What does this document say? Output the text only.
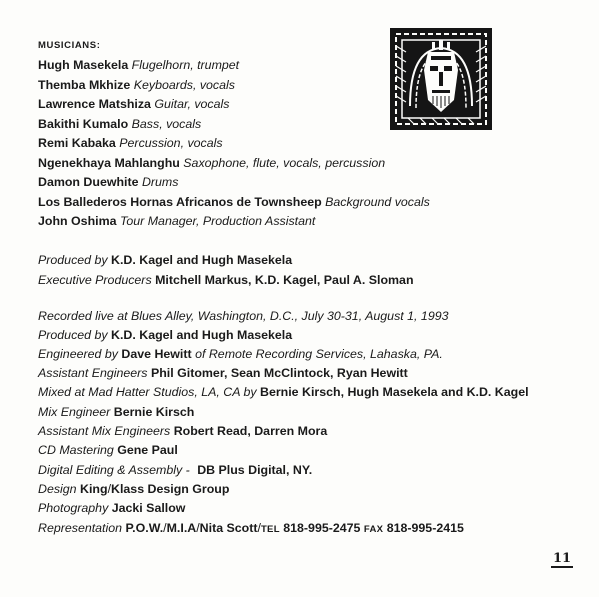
MUSICIANS:
Hugh Masekela Flugelhorn, trumpet
Themba Mkhize Keyboards, vocals
Lawrence Matshiza Guitar, vocals
Bakithi Kumalo Bass, vocals
Remi Kabaka Percussion, vocals
Ngenekhaya Mahlanghu Saxophone, flute, vocals, percussion
Damon Duewhite Drums
Los Ballederos Hornas Africanos de Townsheep Background vocals
John Oshima Tour Manager, Production Assistant
Produced by K.D. Kagel and Hugh Masekela
Executive Producers Mitchell Markus, K.D. Kagel, Paul A. Sloman
Recorded live at Blues Alley, Washington, D.C., July 30-31, August 1, 1993
Produced by K.D. Kagel and Hugh Masekela
Engineered by Dave Hewitt of Remote Recording Services, Lahaska, PA.
Assistant Engineers Phil Gitomer, Sean McClintock, Ryan Hewitt
Mixed at Mad Hatter Studios, LA, CA by Bernie Kirsch, Hugh Masekela and K.D. Kagel
Mix Engineer Bernie Kirsch
Assistant Mix Engineers Robert Read, Darren Mora
CD Mastering Gene Paul
Digital Editing & Assembly - DB Plus Digital, NY.
Design King/Klass Design Group
Photography Jacki Sallow
Representation P.O.W./M.I.A/Nita Scott/TEL 818-995-2475 FAX 818-995-2415
11
